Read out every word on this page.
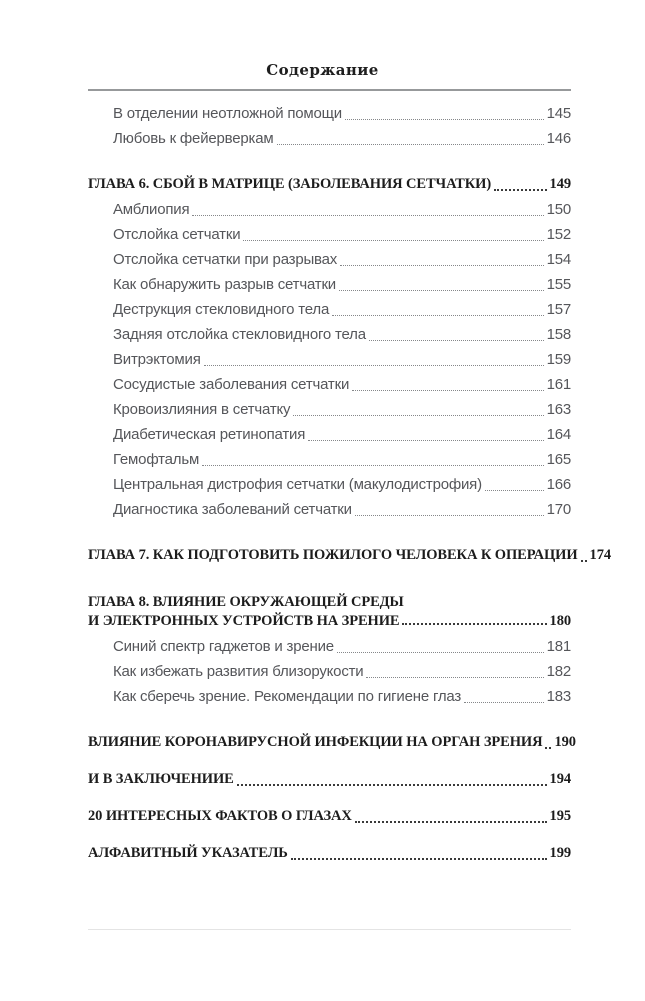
Содержание
В отделении неотложной помощи	145
Любовь к фейерверкам	146
ГЛАВА 6. СБОЙ В МАТРИЦЕ (ЗАБОЛЕВАНИЯ СЕТЧАТКИ)	149
Амблиопия	150
Отслойка сетчатки	152
Отслойка сетчатки при разрывах	154
Как обнаружить разрыв сетчатки	155
Деструкция стекловидного тела	157
Задняя отслойка стекловидного тела	158
Витрэктомия	159
Сосудистые заболевания сетчатки	161
Кровоизлияния в сетчатку	163
Диабетическая ретинопатия	164
Гемофтальм	165
Центральная дистрофия сетчатки (макулодистрофия)	166
Диагностика заболеваний сетчатки	170
ГЛАВА 7. КАК ПОДГОТОВИТЬ ПОЖИЛОГО ЧЕЛОВЕКА К ОПЕРАЦИИ 174
ГЛАВА 8. ВЛИЯНИЕ ОКРУЖАЮЩЕЙ СРЕДЫ
И ЭЛЕКТРОННЫХ УСТРОЙСТВ НА ЗРЕНИЕ	180
Синий спектр гаджетов и зрение	181
Как избежать развития близорукости	182
Как сберечь зрение. Рекомендации по гигиене глаз	183
ВЛИЯНИЕ КОРОНАВИРУСНОЙ ИНФЕКЦИИ НА ОРГАН ЗРЕНИЯ 190
И В ЗАКЛЮЧЕНИИЕ	194
20 ИНТЕРЕСНЫХ ФАКТОВ О ГЛАЗАХ	195
АЛФАВИТНЫЙ УКАЗАТЕЛЬ	199
